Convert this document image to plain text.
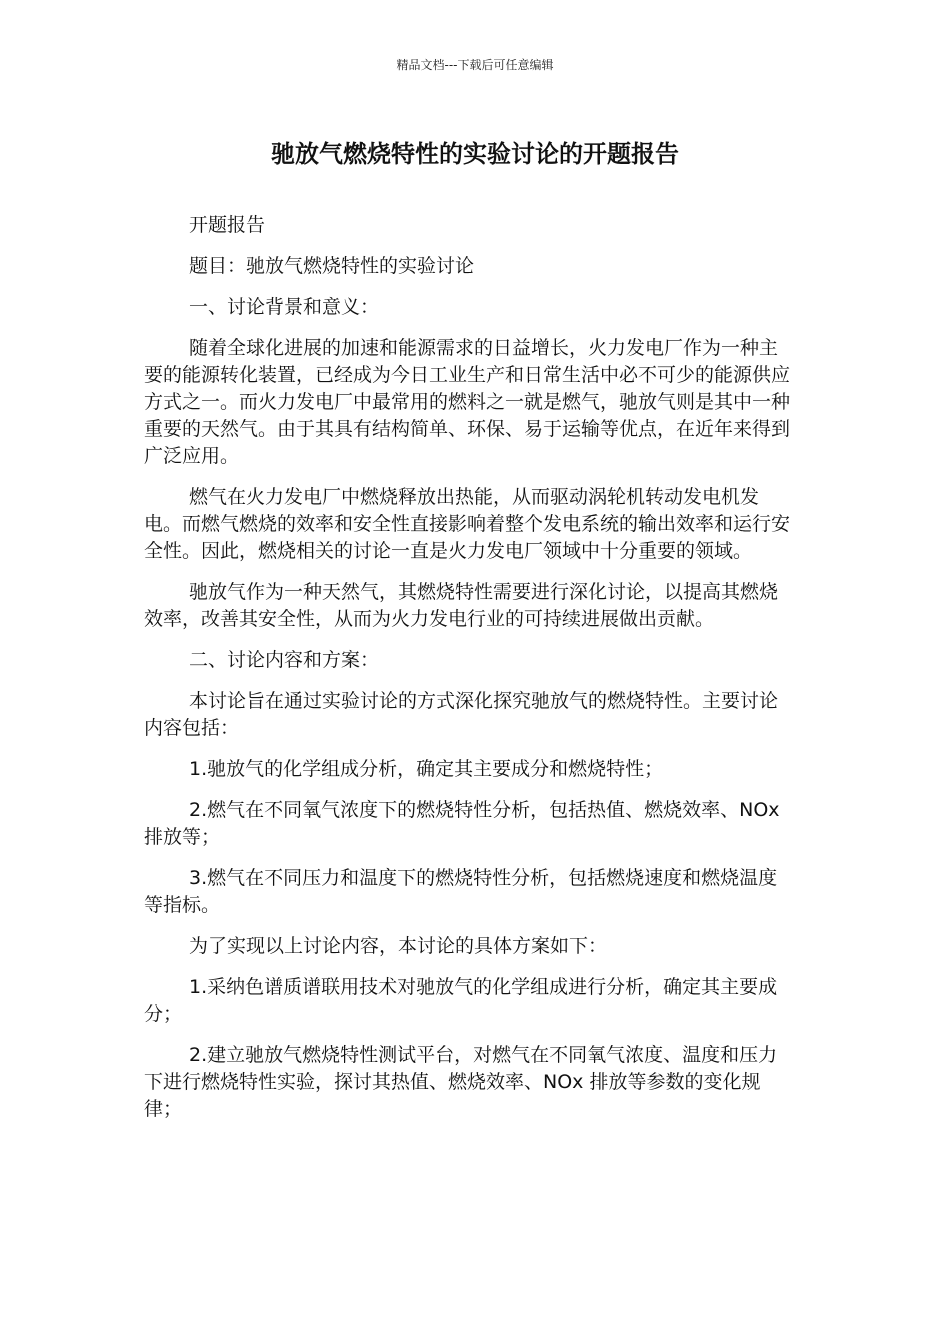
精品文档---下载后可任意编辑
驰放气燃烧特性的实验讨论的开题报告

开题报告

题目：驰放气燃烧特性的实验讨论

一、讨论背景和意义：

随着全球化进展的加速和能源需求的日益增长，火力发电厂作为一种主要的能源转化装置，已经成为今日工业生产和日常生活中必不可少的能源供应方式之一。而火力发电厂中最常用的燃料之一就是燃气，驰放气则是其中一种重要的天然气。由于其具有结构简单、环保、易于运输等优点，在近年来得到广泛应用。

燃气在火力发电厂中燃烧释放出热能，从而驱动涡轮机转动发电机发电。而燃气燃烧的效率和安全性直接影响着整个发电系统的输出效率和运行安全性。因此，燃烧相关的讨论一直是火力发电厂领域中十分重要的领域。

驰放气作为一种天然气，其燃烧特性需要进行深化讨论，以提高其燃烧效率，改善其安全性，从而为火力发电行业的可持续进展做出贡献。

二、讨论内容和方案：

本讨论旨在通过实验讨论的方式深化探究驰放气的燃烧特性。主要讨论内容包括：

1.驰放气的化学组成分析，确定其主要成分和燃烧特性；

2.燃气在不同氧气浓度下的燃烧特性分析，包括热值、燃烧效率、NOx 排放等；

3.燃气在不同压力和温度下的燃烧特性分析，包括燃烧速度和燃烧温度等指标。

为了实现以上讨论内容，本讨论的具体方案如下：

1.采纳色谱质谱联用技术对驰放气的化学组成进行分析，确定其主要成分；

2.建立驰放气燃烧特性测试平台，对燃气在不同氧气浓度、温度和压力下进行燃烧特性实验，探讨其热值、燃烧效率、NOx 排放等参数的变化规律；
